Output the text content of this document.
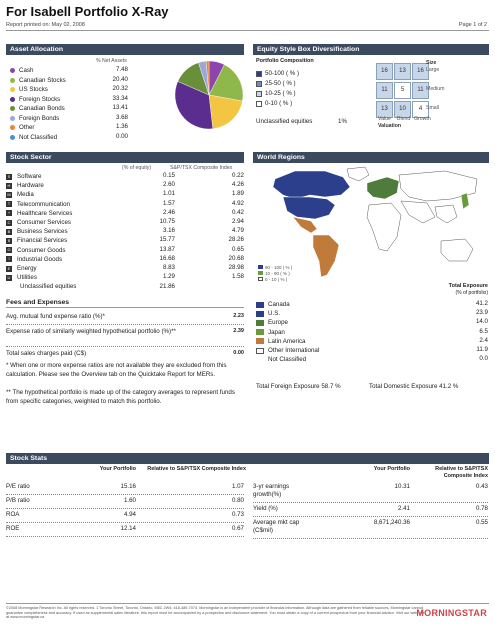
For Isabell Portfolio X-Ray
Report printed on: May 02, 2008	Page 1 of 2
Asset Allocation
% Net Assets
Cash	7.48
Canadian Stocks	20.40
US Stocks	20.32
Foreign Stocks	33.34
Canadian Bonds	13.41
Foreign Bonds	3.68
Other	1.36
Not Classified	0.00
Equity Style Box Diversification
Portfolio Composition
50-100 ( % )
25-50 ( % )
10-25 ( % )
0-10 ( % )
Unclassified equities	1%
16	13	16
11	5	11
13	10	4
Size
Large
Medium
Small
Value Blend Growth
Valuation
Stock Sector
(% of equity)	S&P/TSX Composite Index
S Software	0.15	0.22
H Hardware	2.60	4.26
M Media	1.01	1.89
T Telecommunication	1.57	4.92
+ Healthcare Services	2.46	0.42
C Consumer Services	10.75	2.94
B Business Services	3.16	4.79
$	Financial Services	15.77	28.26
G Consumer Goods	13.87	0.65
I	Industrial Goods	16.68	20.68
E Energy	8.83	28.98
U Utilities	1.29	1.58
Unclassified equities	21.86
Fees and Expenses
Avg. mutual fund expense ratio (%)*	2.23
Expense ratio of similarly weighted hypothetical portfolio (%)**	2.39
Total sales charges paid (C$)	0.00
* When one or more expense ratios are not available they are excluded from this calculation. Please see the Overview tab on the Quicktake Report for MERs.
** The hypothetical portfolio is made up of the category averages to represent funds from specific categories, weighted to match this portfolio.
World Regions
90 - 100 ( % )
10 - 90 ( % )
0 - 10 ( % )
Total Exposure
(% of portfolio)
Canada	41.2
U.S.	23.9
Europe	14.0
Japan	6.5
Latin America	2.4
Other International	11.9
Not Classified	0.0
Total Foreign Exposure 58.7 %	Total Domestic Exposure 41.2 %
Stock Stats
Your Portfolio	Relative to S&P/TSX Composite Index	Your Portfolio	Relative to S&P/TSX Composite Index
P/E ratio	15.16	1.07
P/B ratio	1.60	0.80
ROA	4.94	0.73
ROE	12.14	0.67
3-yr earnings growth(%)
10.31	0.43
Yield (%)	2.41	0.78
Average mkt cap (C$mil)
8,671,240.36	0.55
©2008 Morningstar Research Inc. All rights reserved. 1 Toronto Street, Toronto, Ontario, M5C 2W4; 416-489-7074. Morningstar is an independent provider of financial information. Although data are gathered from reliable sources, Morningstar cannot guarantee completeness and accuracy. If used as supplemental sales literature, this report must be accompanied by a prospectus and disclosure statement. You must obtain a copy of a current prospectus from your financial advisor. Visit our web site at www.morningstar.ca	MORNINGSTAR
